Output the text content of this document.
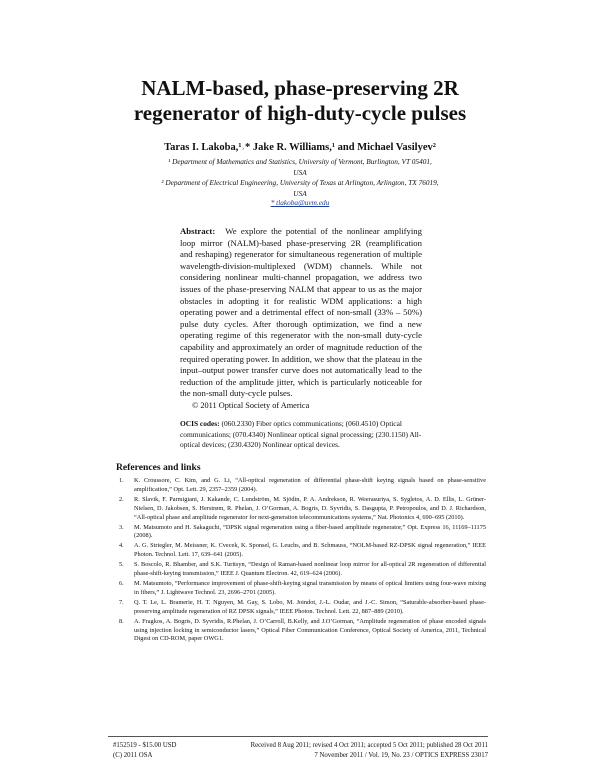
NALM-based, phase-preserving 2R
regenerator of high-duty-cycle pulses
Taras I. Lakoba,¹˒* Jake R. Williams,¹ and Michael Vasilyev²
¹ Department of Mathematics and Statistics, University of Vermont, Burlington, VT 05401,
USA
² Department of Electrical Engineering, University of Texas at Arlington, Arlington, TX 76019,
USA
* tlakoba@uvm.edu
Abstract: We explore the potential of the nonlinear amplifying loop mirror (NALM)-based phase-preserving 2R (reamplification and reshaping) regenerator for simultaneous regeneration of multiple wavelength-division-multiplexed (WDM) channels. While not considering nonlinear multi-channel propagation, we address two issues of the phase-preserving NALM that appear to us as the major obstacles in adopting it for realistic WDM applications: a high operating power and a detrimental effect of non-small (33% – 50%) pulse duty cycles. After thorough optimization, we find a new operating regime of this regenerator with the non-small duty-cycle capability and approximately an order of magnitude reduction of the required operating power. In addition, we show that the plateau in the input–output power transfer curve does not automatically lead to the reduction of the amplitude jitter, which is particularly noticeable for the non-small duty-cycle pulses.
© 2011 Optical Society of America
OCIS codes: (060.2330) Fiber optics communications; (060.4510) Optical communications; (070.4340) Nonlinear optical signal processing; (230.1150) All-optical devices; (230.4320) Nonlinear optical devices.
References and links
1.	K. Croussore, C. Kim, and G. Li, “All-optical regeneration of differential phase-shift keying signals based on phase-sensitive amplification,” Opt. Lett. 29, 2357–2359 (2004).
2.	R. Slavik, F. Parmigiani, J. Kakande, C. Lundström, M. Sjödin, P. A. Andrekson, R. Weerasuriya, S. Sygletos, A. D. Ellis, L. Grüner-Nielsen, D. Jakobsen, S. Herstrøm, R. Phelan, J. O’Gorman, A. Bogris, D. Syvridis, S. Dasgupta, P. Petropoulos, and D. J. Richardson, “All-optical phase and amplitude regenerator for next-generation telecommunications systems,” Nat. Photonics 4, 690–695 (2010).
3.	M. Matsumoto and H. Sakaguchi, “DPSK signal regeneration using a fiber-based amplitude regenerator,” Opt. Express 16, 11169–11175 (2008).
4.	A. G. Striegler, M. Meissner, K. Cvecek, K. Sponsel, G. Leuchs, and B. Schmauss, “NOLM-based RZ-DPSK signal regeneration,” IEEE Photon. Technol. Lett. 17, 639–641 (2005).
5.	S. Boscolo, R. Bhamber, and S.K. Turitsyn, “Design of Raman-based nonlinear loop mirror for all-optical 2R regeneration of differential phase-shift-keying transmission,” IEEE J. Quantum Electron. 42, 619–624 (2006).
6.	M. Matsumoto, “Performance improvement of phase-shift-keying signal transmission by means of optical limiters using four-wave mixing in fibers,” J. Lightwave Technol. 23, 2696–2701 (2005).
7.	Q. T. Le, L. Bramerie, H. T. Nguyen, M. Gay, S. Lobo, M. Joindot, J.-L. Oudar, and J.-C. Simon, “Saturable-absorber-based phase-preserving amplitude regeneration of RZ DPSK signals,” IEEE Photon. Technol. Lett. 22, 887–889 (2010).
8.	A. Fragkos, A. Bogris, D. Syvridis, R.Phelan, J. O’Carroll, B.Kelly, and J.O’Gorman, “Amplitude regeneration of phase encoded signals using injection locking in semiconductor lasers,” Optical Fiber Communication Conference, Optical Society of America, 2011, Technical Digest on CD-ROM, paper OWG1.
#152519 - $15.00 USD
(C) 2011 OSA
Received 8 Aug 2011; revised 4 Oct 2011; accepted 5 Oct 2011; published 28 Oct 2011
7 November 2011 / Vol. 19, No. 23 / OPTICS EXPRESS 23017
